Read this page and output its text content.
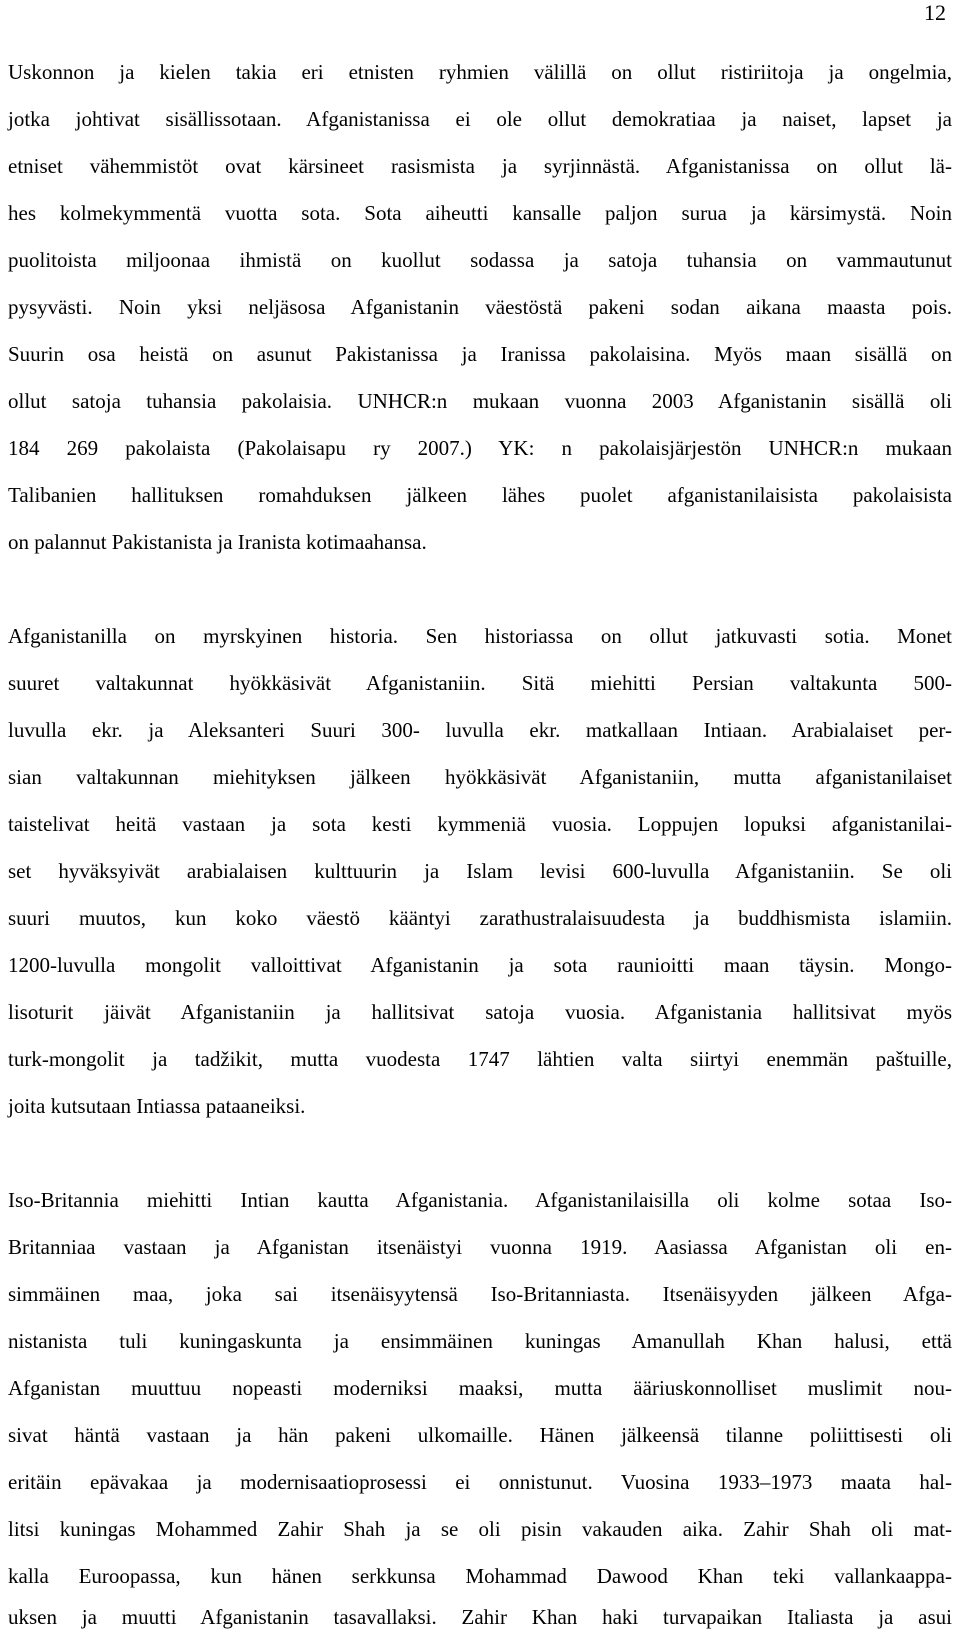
12
Uskonnon ja kielen takia eri etnisten ryhmien välillä on ollut ristiriitoja ja ongelmia,
jotka johtivat sisällissotaan. Afganistanissa ei ole ollut demokratiaa ja naiset, lapset ja
etniset vähemmistöt ovat kärsineet rasismista ja syrjinnästä. Afganistanissa on ollut lä-
hes kolmekymmentä vuotta sota. Sota aiheutti kansalle paljon surua ja kärsimystä. Noin
puolitoista miljoonaa ihmistä on kuollut sodassa ja satoja tuhansia on vammautunut
pysyvästi. Noin yksi neljäsosa Afganistanin väestöstä pakeni sodan aikana maasta pois.
Suurin osa heistä on asunut Pakistanissa ja Iranissa pakolaisina. Myös maan sisällä on
ollut satoja tuhansia pakolaisia. UNHCR:n mukaan vuonna 2003 Afganistanin sisällä oli
184 269 pakolaista (Pakolaisapu ry 2007.) YK: n pakolaisjärjestön UNHCR:n mukaan
Talibanien hallituksen romahduksen jälkeen lähes puolet afganistanilaisista pakolaisista
on palannut Pakistanista ja Iranista kotimaahansa.
Afganistanilla on myrskyinen historia. Sen historiassa on ollut jatkuvasti sotia. Monet
suuret valtakunnat hyökkäsivät Afganistaniin. Sitä miehitti Persian valtakunta 500-
luvulla ekr. ja Aleksanteri Suuri 300- luvulla ekr. matkallaan Intiaan. Arabialaiset per-
sian valtakunnan miehityksen jälkeen hyökkäsivät Afganistaniin, mutta afganistanilaiset
taistelivat heitä vastaan ja sota kesti kymmeniä vuosia. Loppujen lopuksi afganistanilai-
set hyväksyivät arabialaisen kulttuurin ja Islam levisi 600-luvulla Afganistaniin. Se oli
suuri muutos, kun koko väestö kääntyi zarathustralaisuudesta ja buddhismista islamiin.
1200-luvulla mongolit valloittivat Afganistanin ja sota raunioitti maan täysin. Mongo-
lisoturit jäivät Afganistaniin ja hallitsivat satoja vuosia. Afganistania hallitsivat myös
turk-mongolit ja tadžikit, mutta vuodesta 1747 lähtien valta siirtyi enemmän paštuille,
joita kutsutaan Intiassa pataaneiksi.
Iso-Britannia miehitti Intian kautta Afganistania. Afganistanilaisilla oli kolme sotaa Iso-
Britanniaa vastaan ja Afganistan itsenäistyi vuonna 1919. Aasiassa Afganistan oli en-
simmäinen maa, joka sai itsenäisyytensä Iso-Britanniasta. Itsenäisyyden jälkeen Afga-
nistanista tuli kuningaskunta ja ensimmäinen kuningas Amanullah Khan halusi, että
Afganistan muuttuu nopeasti moderniksi maaksi, mutta ääriuskonnolliset muslimit nou-
sivat häntä vastaan ja hän pakeni ulkomaille. Hänen jälkeensä tilanne poliittisesti oli
eritäin epävakaa ja modernisaatioprosessi ei onnistunut. Vuosina 1933–1973 maata hal-
litsi kuningas Mohammed Zahir Shah ja se oli pisin vakauden aika. Zahir Shah oli mat-
kalla Euroopassa, kun hänen serkkunsa Mohammad Dawood Khan teki vallankaappa-
uksen ja muutti Afganistanin tasavallaksi. Zahir Khan haki turvapaikan Italiasta ja asui
